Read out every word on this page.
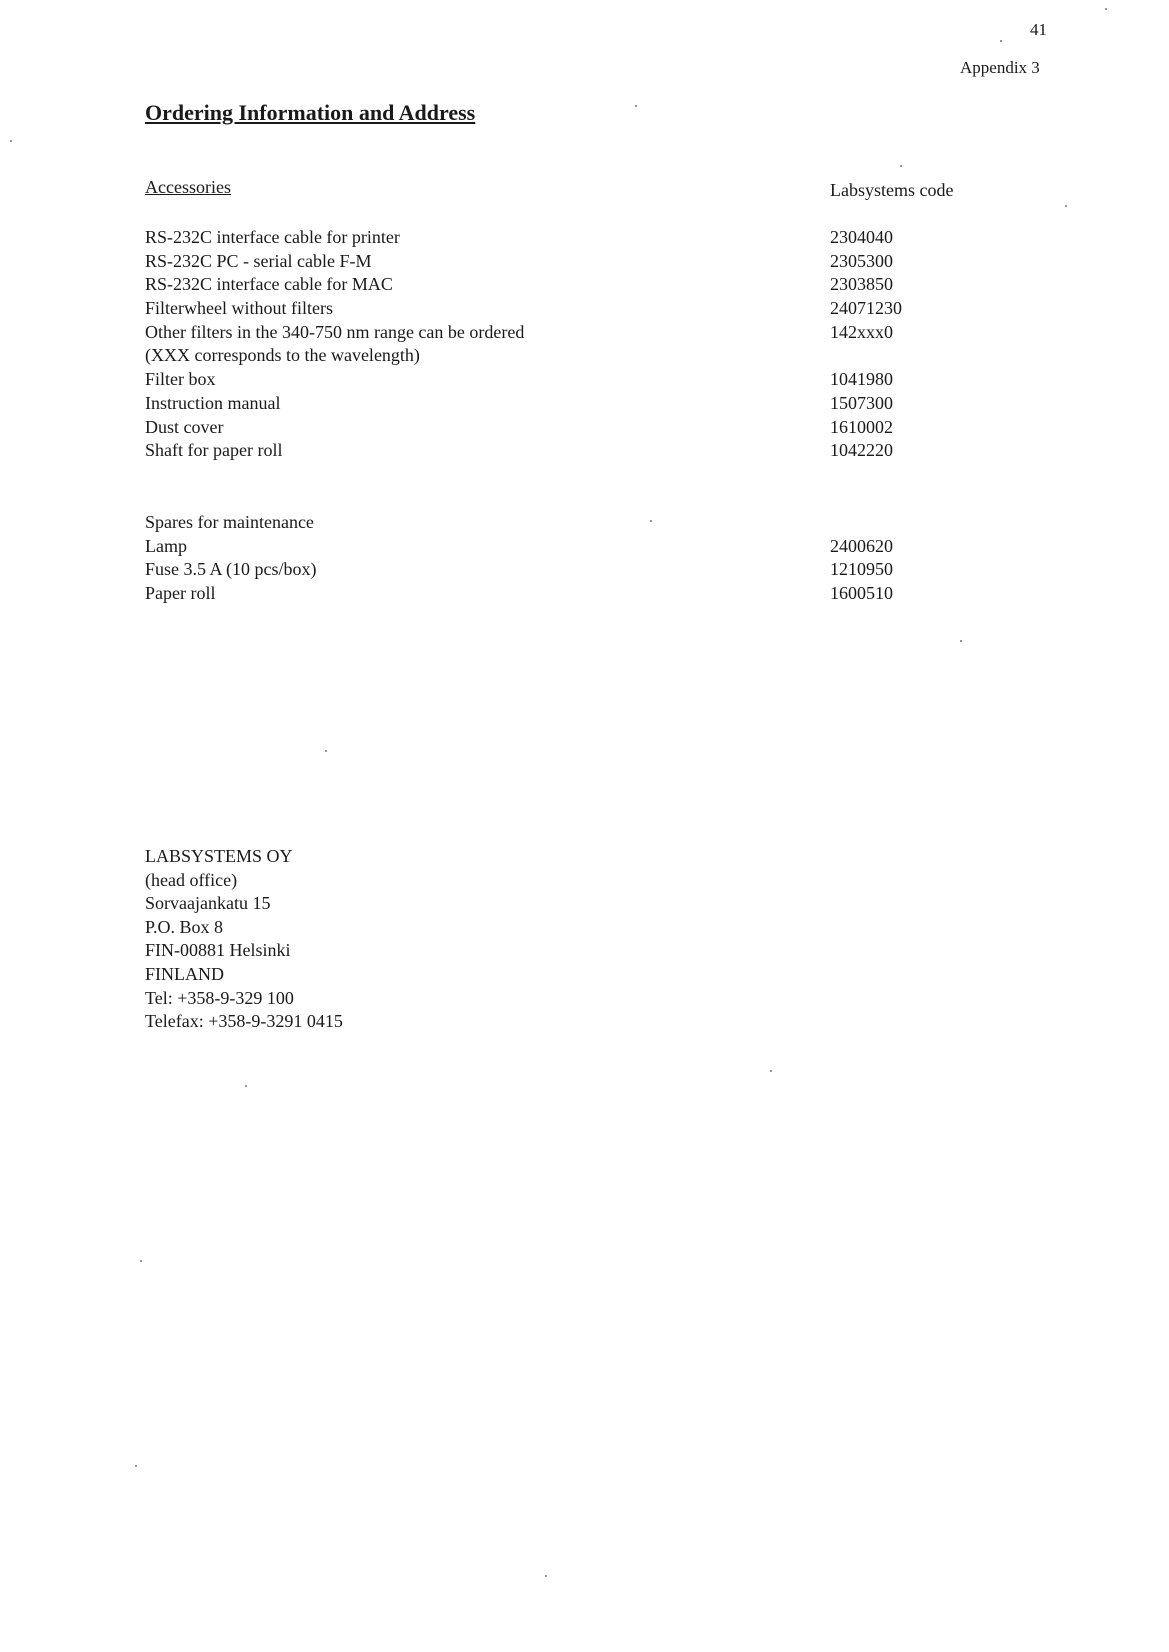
41
Appendix 3
Ordering Information and Address
Accessories	Labsystems code
RS-232C interface cable for printer	2304040
RS-232C PC - serial cable F-M	2305300
RS-232C interface cable for MAC	2303850
Filterwheel without filters	24071230
Other filters in the 340-750 nm range can be ordered	142xxx0
(XXX corresponds to the wavelength)
Filter box	1041980
Instruction manual	1507300
Dust cover	1610002
Shaft for paper roll	1042220
Spares for maintenance
Lamp	2400620
Fuse 3.5 A (10 pcs/box)	1210950
Paper roll	1600510
LABSYSTEMS OY
(head office)
Sorvaajankatu 15
P.O. Box 8
FIN-00881 Helsinki
FINLAND
Tel: +358-9-329 100
Telefax: +358-9-3291 0415
